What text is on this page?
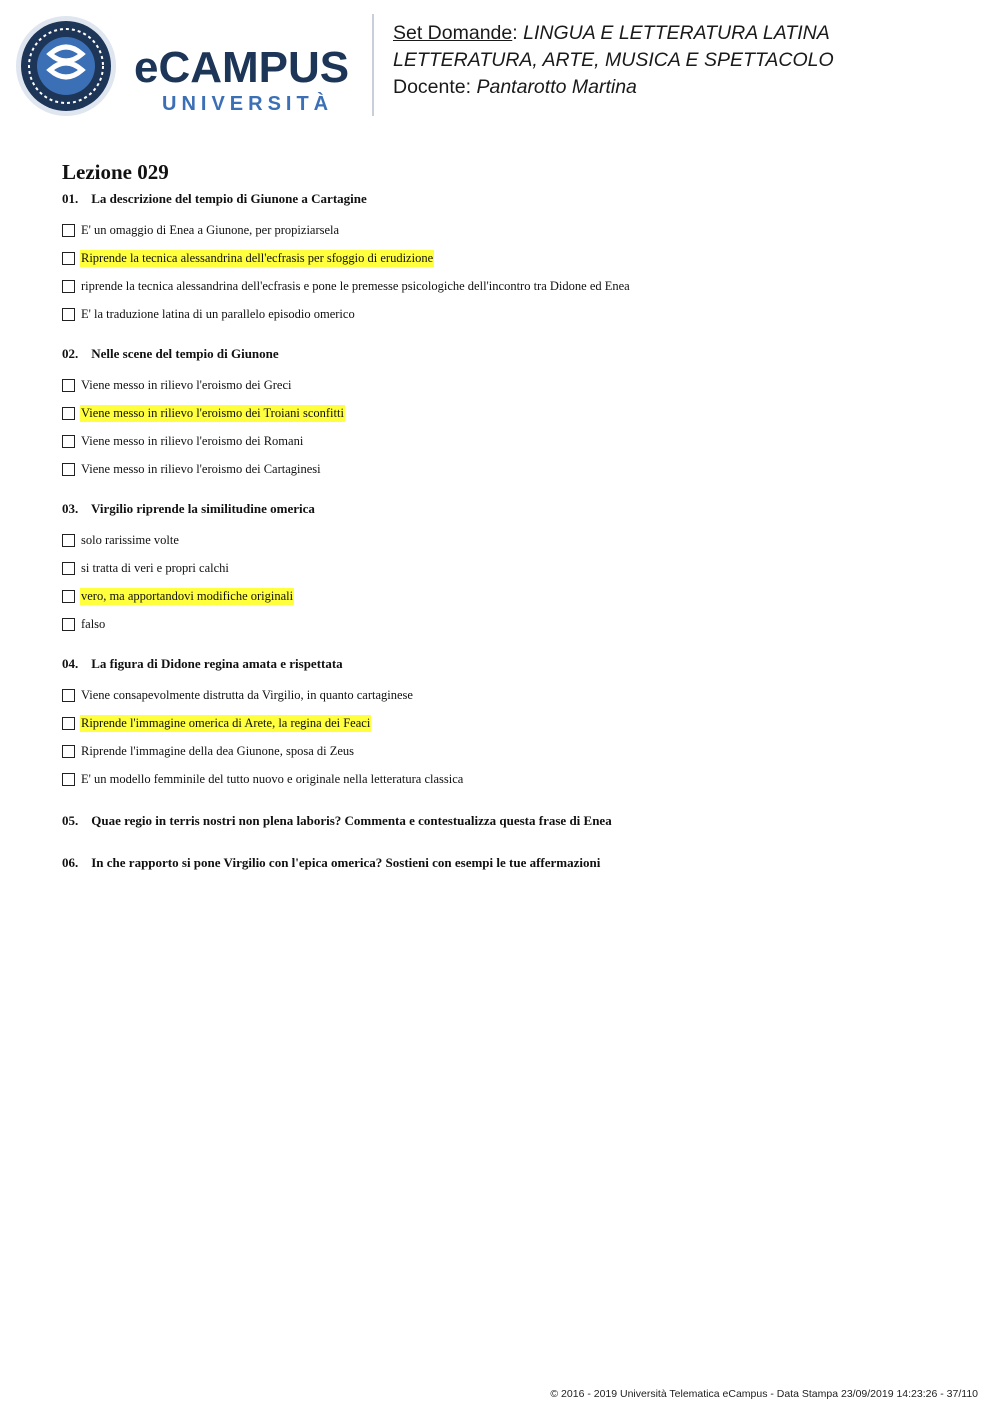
eCAMPUS
UNIVERSITÀ
Set Domande: LINGUA E LETTERATURA LATINA
LETTERATURA, ARTE, MUSICA E SPETTACOLO
Docente: Pantarotto Martina
Lezione 029
01. La descrizione del tempio di Giunone a Cartagine
E' un omaggio di Enea a Giunone, per propiziarsela
Riprende la tecnica alessandrina dell'ecfrasis per sfoggio di erudizione
riprende la tecnica alessandrina dell'ecfrasis e pone le premesse psicologiche dell'incontro tra Didone ed Enea
E' la traduzione latina di un parallelo episodio omerico
02. Nelle scene del tempio di Giunone
Viene messo in rilievo l'eroismo dei Greci
Viene messo in rilievo l'eroismo dei Troiani sconfitti
Viene messo in rilievo l'eroismo dei Romani
Viene messo in rilievo l'eroismo dei Cartaginesi
03. Virgilio riprende la similitudine omerica
solo rarissime volte
si tratta di veri e propri calchi
vero, ma apportandovi modifiche originali
falso
04. La figura di Didone regina amata e rispettata
Viene consapevolmente distrutta da Virgilio, in quanto cartaginese
Riprende l'immagine omerica di Arete, la regina dei Feaci
Riprende l'immagine della dea Giunone, sposa di Zeus
E' un modello femminile del tutto nuovo e originale nella letteratura classica
05. Quae regio in terris nostri non plena laboris? Commenta e contestualizza questa frase di Enea
06. In che rapporto si pone Virgilio con l'epica omerica? Sostieni con esempi le tue affermazioni
© 2016 - 2019 Università Telematica eCampus - Data Stampa 23/09/2019 14:23:26 - 37/110
